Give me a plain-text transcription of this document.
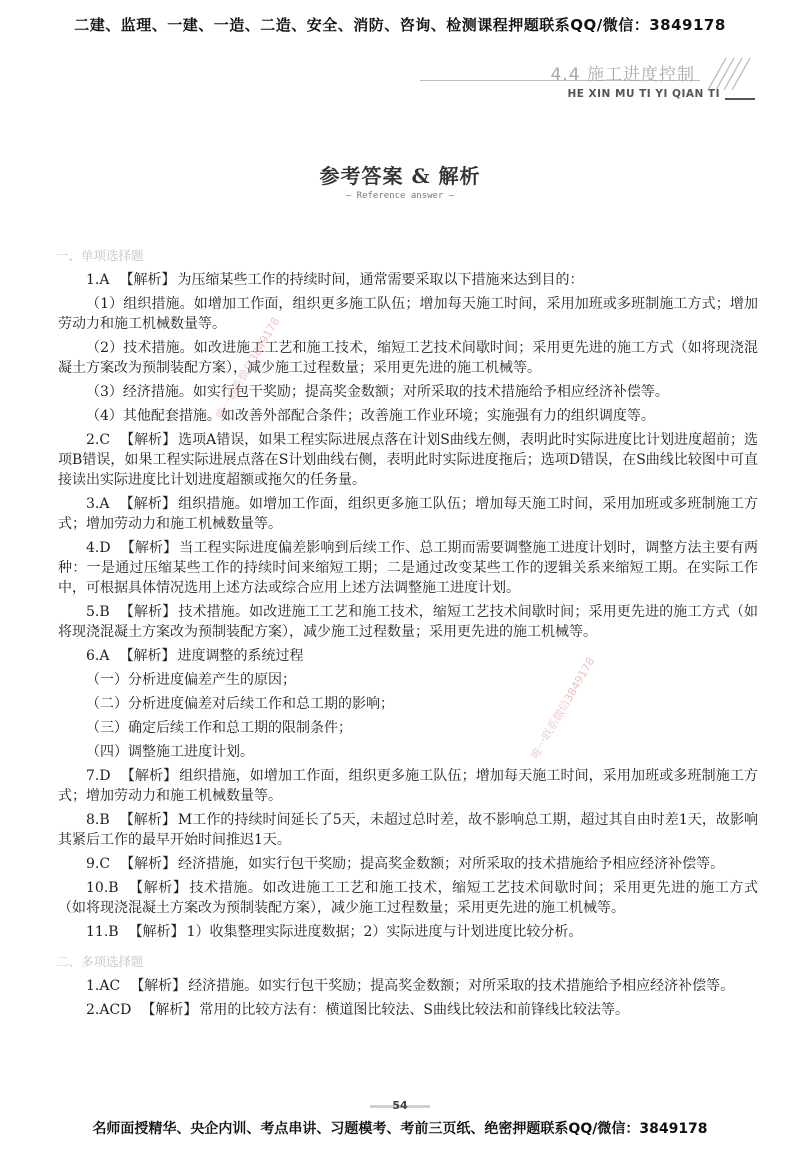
二建、监理、一建、一造、二造、安全、消防、咨询、检测课程押题联系QQ/微信：3849178
4.4 施工进度控制
HE XIN MU TI YI QIAN TI
参考答案 & 解析
— Reference answer —
一、单项选择题

1.A 【解析】 为压缩某些工作的持续时间，通常需要采取以下措施来达到目的：

（1）组织措施。如增加工作面，组织更多施工队伍；增加每天施工时间，采用加班或多班制施工方式；增加劳动力和施工机械数量等。

（2）技术措施。如改进施工工艺和施工技术，缩短工艺技术间歇时间；采用更先进的施工方式（如将现浇混凝土方案改为预制装配方案），减少施工过程数量；采用更先进的施工机械等。

（3）经济措施。如实行包干奖励；提高奖金数额；对所采取的技术措施给予相应经济补偿等。

（4）其他配套措施。如改善外部配合条件；改善施工作业环境；实施强有力的组织调度等。

2.C 【解析】 选项A错误，如果工程实际进展点落在计划S曲线左侧，表明此时实际进度比计划进度超前；选项B错误，如果工程实际进展点落在S计划曲线右侧，表明此时实际进度拖后；选项D错误，在S曲线比较图中可直接读出实际进度比计划进度超额或拖欠的任务量。

3.A 【解析】 组织措施。如增加工作面，组织更多施工队伍；增加每天施工时间，采用加班或多班制施工方式；增加劳动力和施工机械数量等。

4.D 【解析】 当工程实际进度偏差影响到后续工作、总工期而需要调整施工进度计划时，调整方法主要有两种：一是通过压缩某些工作的持续时间来缩短工期；二是通过改变某些工作的逻辑关系来缩短工期。在实际工作中，可根据具体情况选用上述方法或综合应用上述方法调整施工进度计划。

5.B 【解析】 技术措施。如改进施工工艺和施工技术，缩短工艺技术间歇时间；采用更先进的施工方式（如将现浇混凝土方案改为预制装配方案），减少施工过程数量；采用更先进的施工机械等。

6.A 【解析】 进度调整的系统过程

（一）分析进度偏差产生的原因；

（二）分析进度偏差对后续工作和总工期的影响；

（三）确定后续工作和总工期的限制条件；

（四）调整施工进度计划。

7.D 【解析】 组织措施，如增加工作面，组织更多施工队伍；增加每天施工时间，采用加班或多班制施工方式；增加劳动力和施工机械数量等。

8.B 【解析】 M工作的持续时间延长了5天，未超过总时差，故不影响总工期，超过其自由时差1天，故影响其紧后工作的最早开始时间推迟1天。

9.C 【解析】 经济措施，如实行包干奖励；提高奖金数额；对所采取的技术措施给予相应经济补偿等。

10.B 【解析】 技术措施。如改进施工工艺和施工技术，缩短工艺技术间歇时间；采用更先进的施工方式（如将现浇混凝土方案改为预制装配方案），减少施工过程数量；采用更先进的施工机械等。

11.B 【解析】 1）收集整理实际进度数据；2）实际进度与计划进度比较分析。

二、多项选择题

1.AC 【解析】 经济措施。如实行包干奖励；提高奖金数额；对所采取的技术措施给予相应经济补偿等。

2.ACD 【解析】 常用的比较方法有：横道图比较法、S曲线比较法和前锋线比较法等。

唯一联系微信3849178
唯一联系微信3849178
54
名师面授精华、央企内训、考点串讲、习题模考、考前三页纸、绝密押题联系QQ/微信：3849178
